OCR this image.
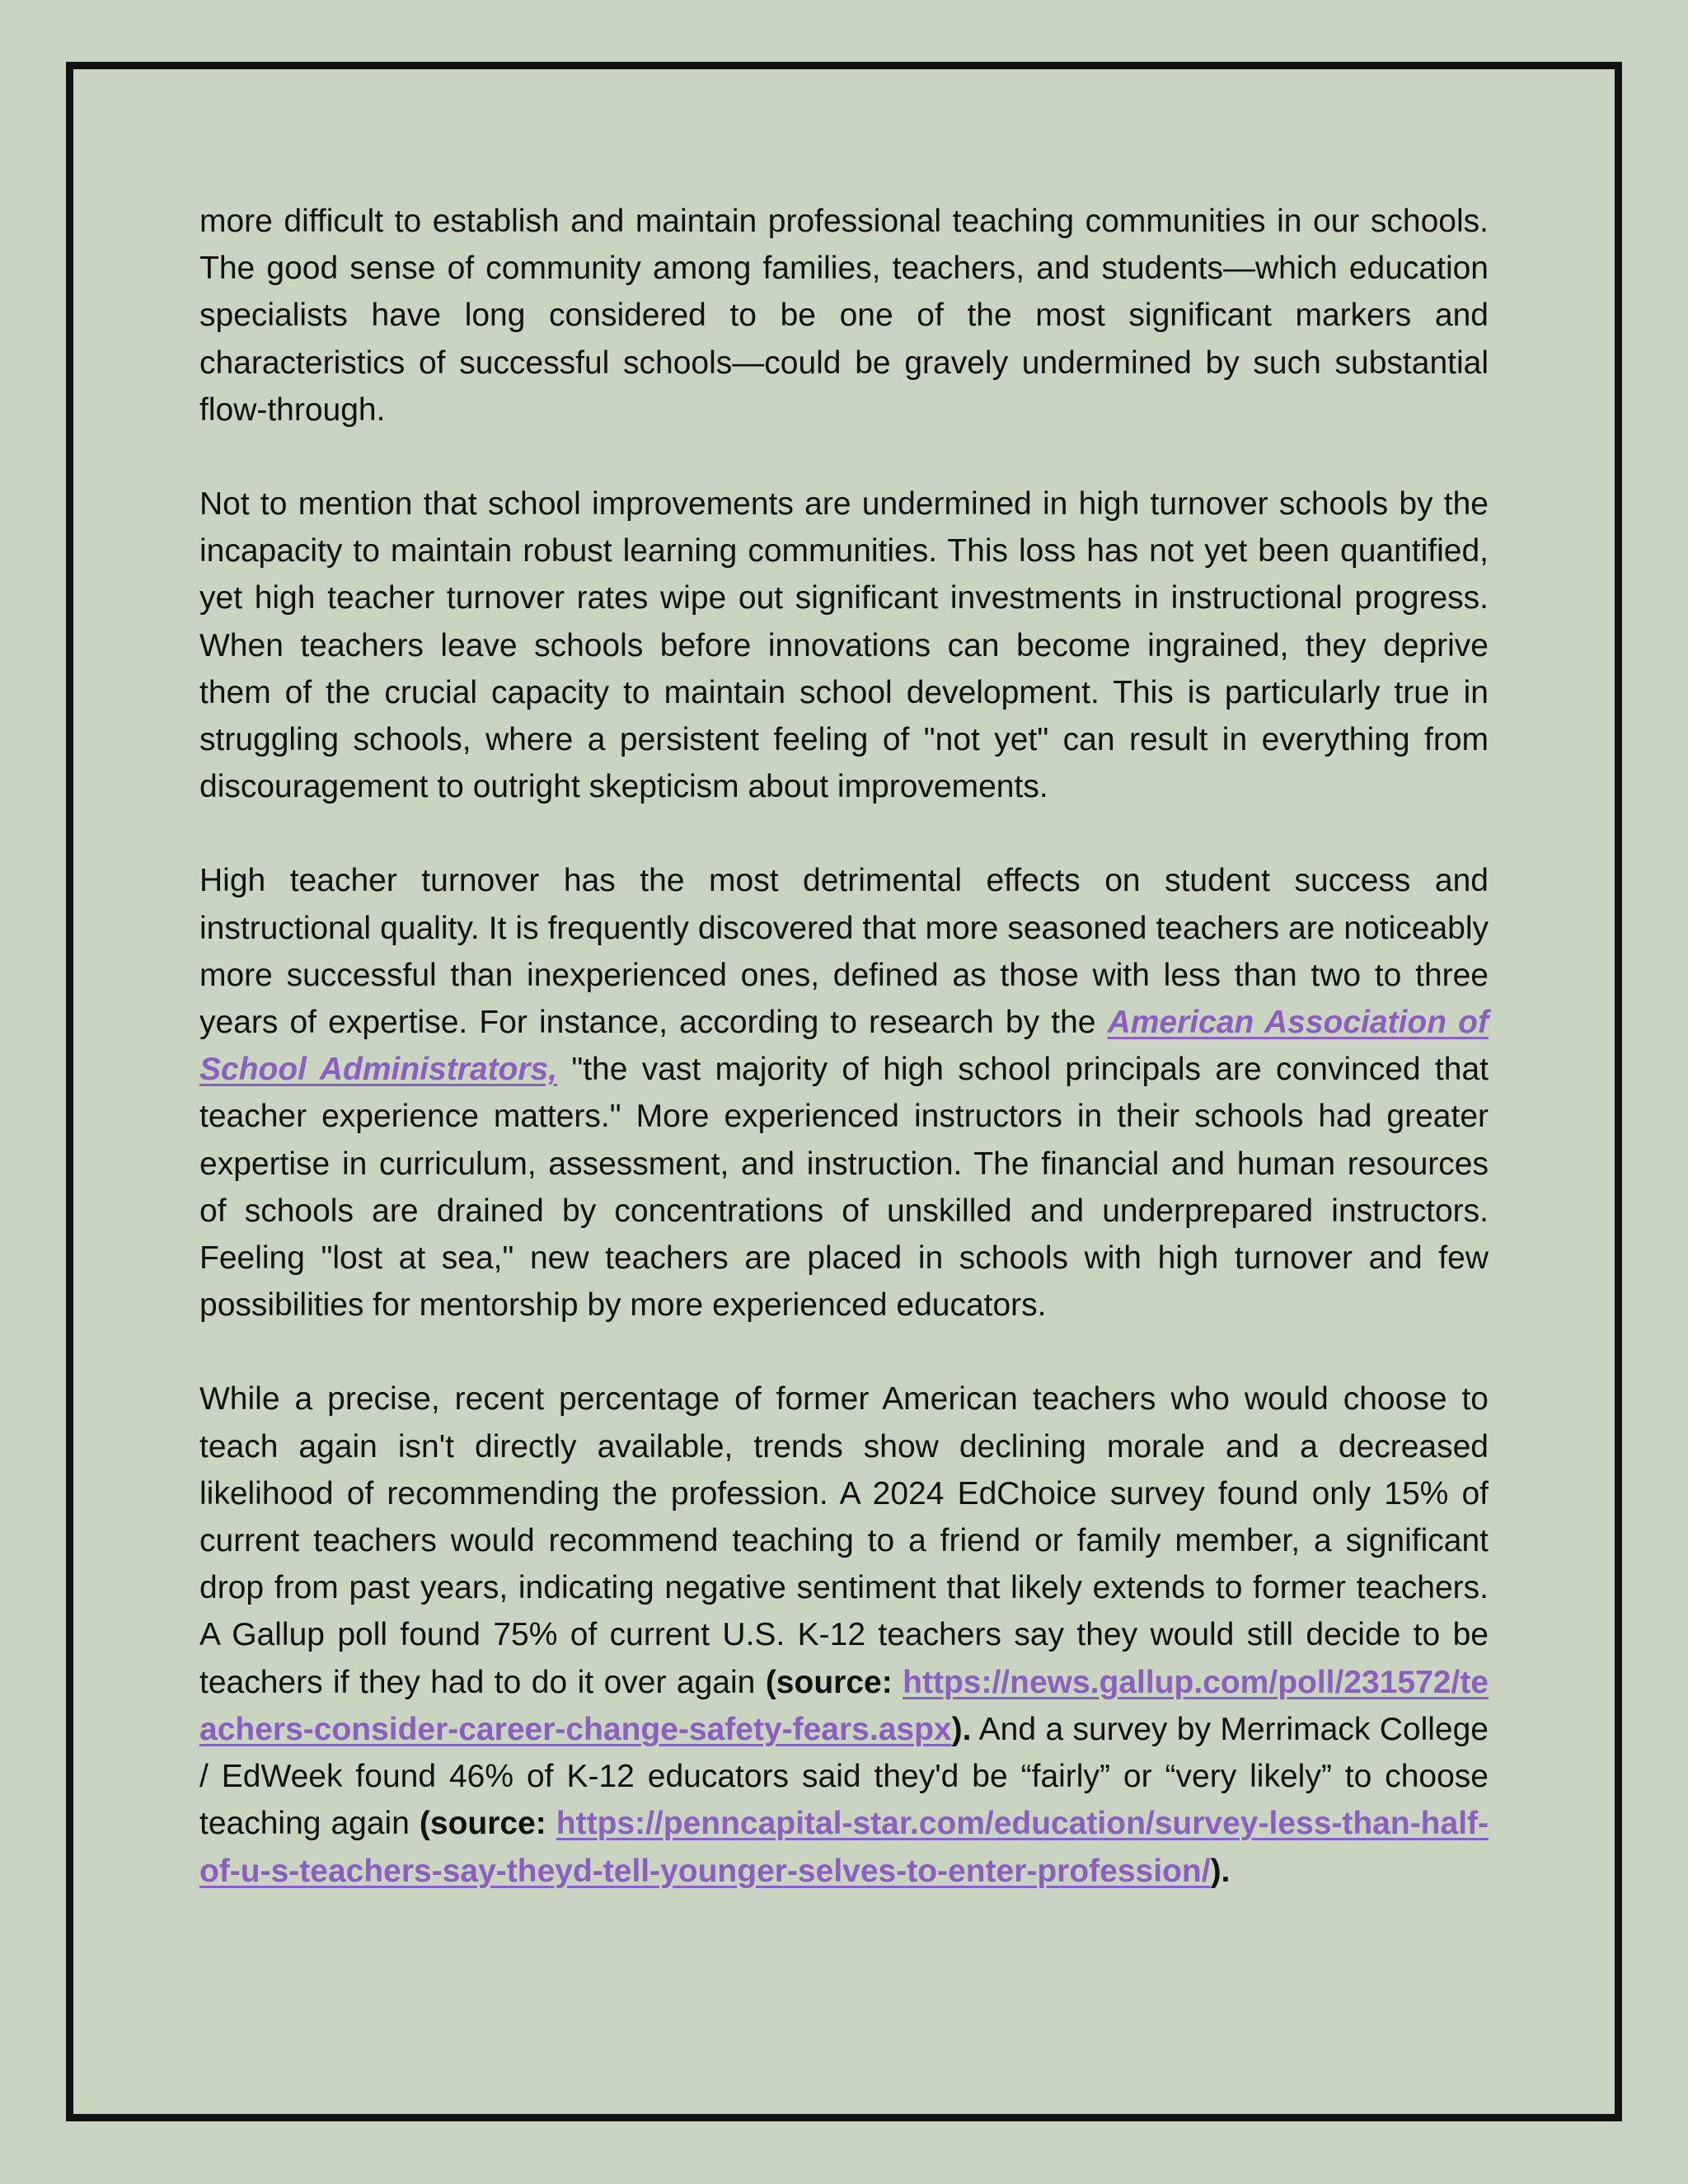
more difficult to establish and maintain professional teaching communities in our schools. The good sense of community among families, teachers, and students—which education specialists have long considered to be one of the most significant markers and characteristics of successful schools—could be gravely undermined by such substantial flow-through.

Not to mention that school improvements are undermined in high turnover schools by the incapacity to maintain robust learning communities. This loss has not yet been quantified, yet high teacher turnover rates wipe out significant investments in instructional progress. When teachers leave schools before innovations can become ingrained, they deprive them of the crucial capacity to maintain school development. This is particularly true in struggling schools, where a persistent feeling of "not yet" can result in everything from discouragement to outright skepticism about improvements.

High teacher turnover has the most detrimental effects on student success and instructional quality. It is frequently discovered that more seasoned teachers are noticeably more successful than inexperienced ones, defined as those with less than two to three years of expertise. For instance, according to research by the American Association of School Administrators, "the vast majority of high school principals are convinced that teacher experience matters." More experienced instructors in their schools had greater expertise in curriculum, assessment, and instruction. The financial and human resources of schools are drained by concentrations of unskilled and underprepared instructors. Feeling "lost at sea," new teachers are placed in schools with high turnover and few possibilities for mentorship by more experienced educators.

While a precise, recent percentage of former American teachers who would choose to teach again isn't directly available, trends show declining morale and a decreased likelihood of recommending the profession. A 2024 EdChoice survey found only 15% of current teachers would recommend teaching to a friend or family member, a significant drop from past years, indicating negative sentiment that likely extends to former teachers. A Gallup poll found 75% of current U.S. K-12 teachers say they would still decide to be teachers if they had to do it over again (source: https://news.gallup.com/poll/231572/teachers-consider-career-change-safety-fears.aspx). And a survey by Merrimack College / EdWeek found 46% of K-12 educators said they'd be “fairly” or “very likely” to choose teaching again (source: https://penncapital-star.com/education/survey-less-than-half-of-u-s-teachers-say-theyd-tell-younger-selves-to-enter-profession/).
